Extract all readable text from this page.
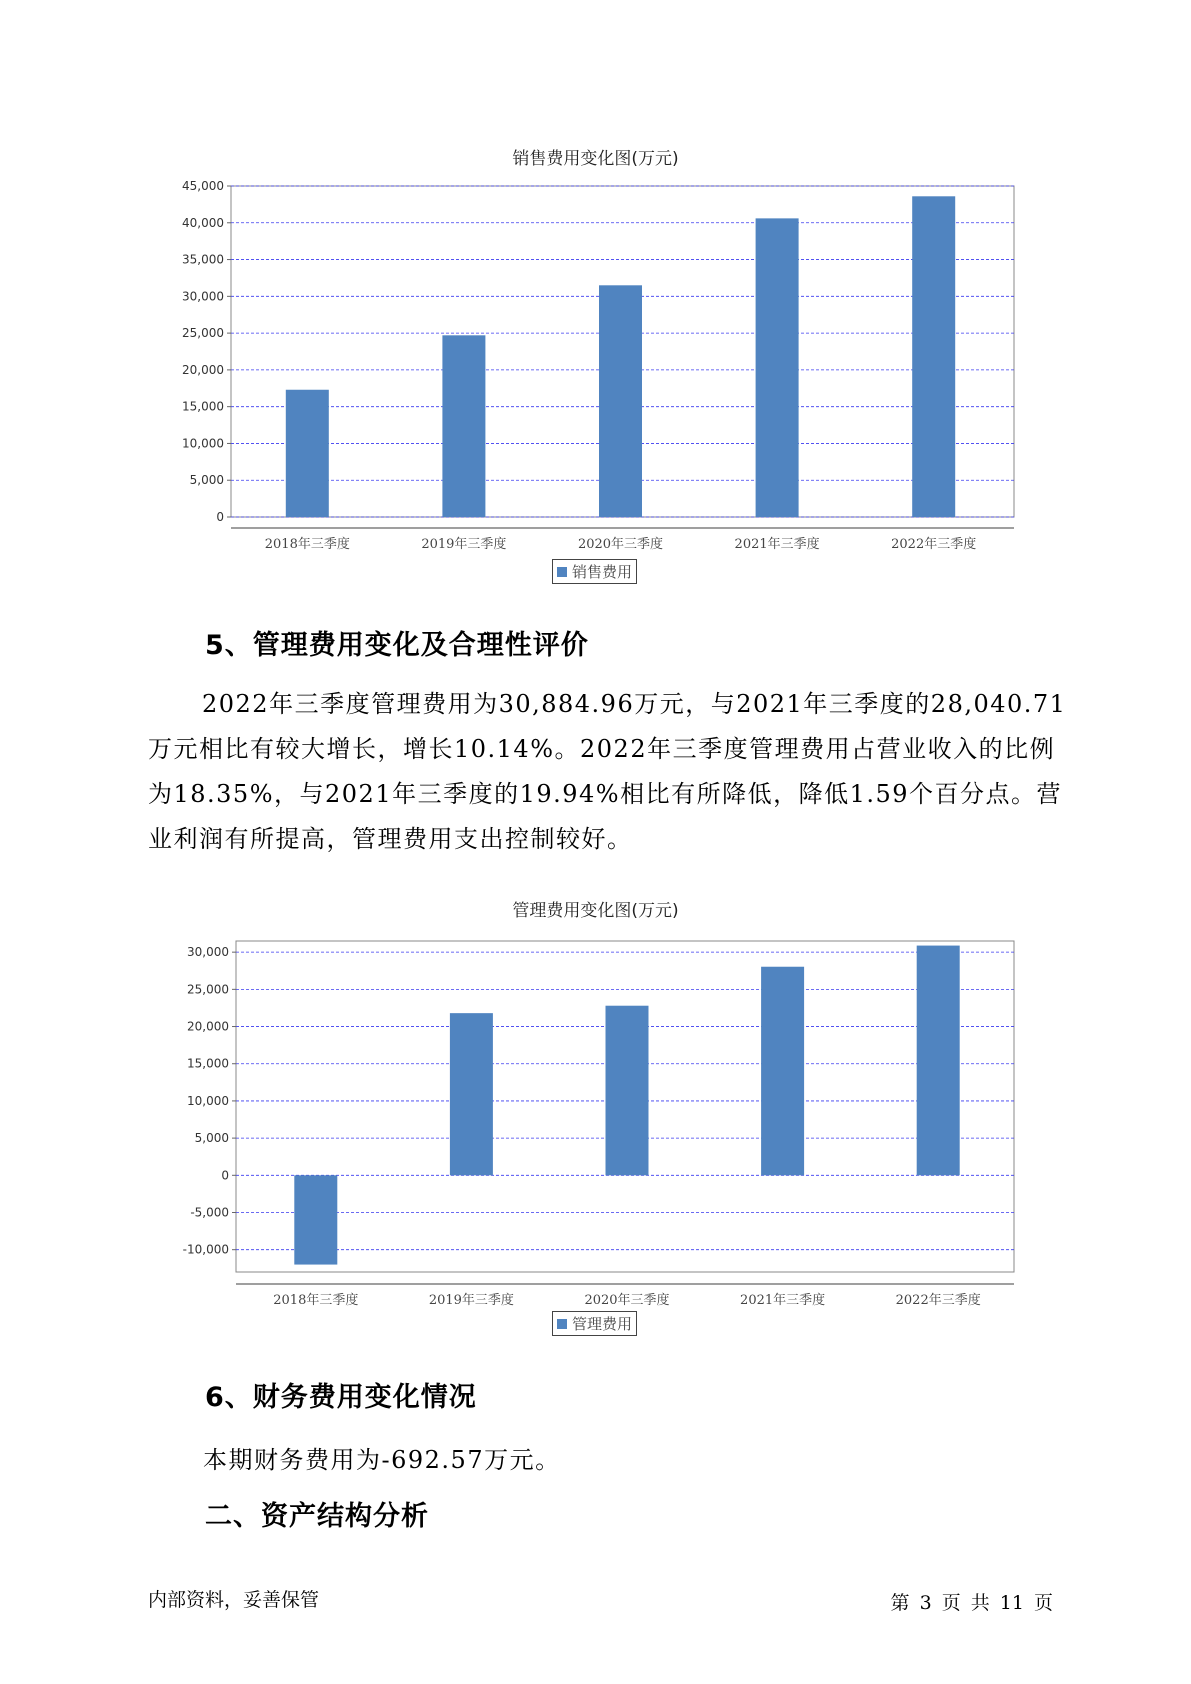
销售费用变化图(万元)
0
5,000
10,000
15,000
20,000
25,000
30,000
35,000
40,000
45,000
2018年三季度	2019年三季度	2020年三季度	2021年三季度	2022年三季度
销售费用
5、管理费用变化及合理性评价

2022年三季度管理费用为30,884.96万元，与2021年三季度的28,040.71万元相比有较大增长，增长10.14%。2022年三季度管理费用占营业收入的比例为18.35%，与2021年三季度的19.94%相比有所降低，降低1.59个百分点。营业利润有所提高，管理费用支出控制较好。

管理费用变化图(万元)
-10,000
-5,000
0
5,000
10,000
15,000
20,000
25,000
30,000
2018年三季度	2019年三季度	2020年三季度	2021年三季度	2022年三季度
管理费用
6、财务费用变化情况

本期财务费用为-692.57万元。

二、资产结构分析
内部资料，妥善保管	第 3 页 共 11 页
